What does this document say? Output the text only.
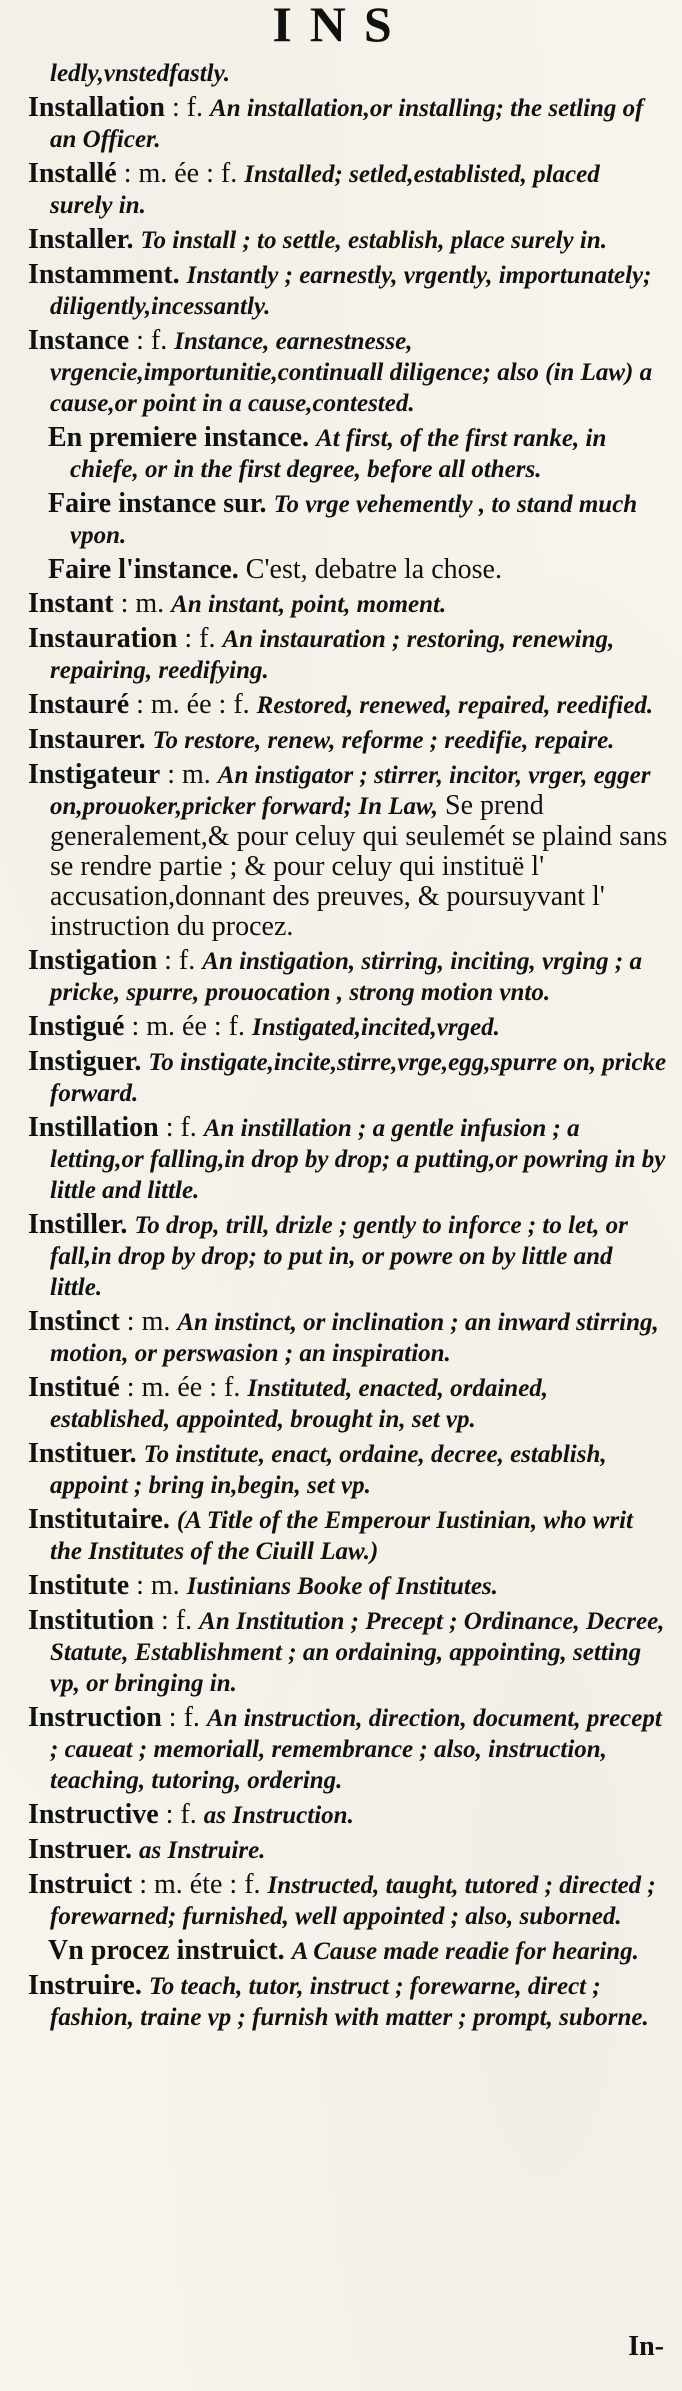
INS

ledly,vnstedfastly.

Installation : f. An installation,or installing; the setling of an Officer.

Installé : m. ée : f. Installed; setled,establisted, placed surely in.

Installer. To install ; to settle, establish, place surely in.

Instamment. Instantly ; earnestly, vrgently, importunately; diligently,incessantly.

Instance : f. Instance, earnestnesse, vrgencie,importunitie,continuall diligence; also (in Law) a cause,or point in a cause,contested.

En premiere instance. At first, of the first ranke, in chiefe, or in the first degree, before all others.

Faire instance sur. To vrge vehemently , to stand much vpon.

Faire l'instance. C'est, debatre la chose.

Instant : m. An instant, point, moment.

Instauration : f. An instauration ; restoring, renewing, repairing, reedifying.

Instauré : m. ée : f. Restored, renewed, repaired, reedified.

Instaurer. To restore, renew, reforme ; reedifie, repaire.

Instigateur : m. An instigator ; stirrer, incitor, vrger, egger on,prouoker,pricker forward; In Law, Se prend generalement,& pour celuy qui seulemét se plaind sans se rendre partie ; & pour celuy qui instituë l' accusation,donnant des preuves, & poursuyvant l' instruction du procez.

Instigation : f. An instigation, stirring, inciting, vrging ; a pricke, spurre, prouocation , strong motion vnto.

Instigué : m. ée : f. Instigated,incited,vrged.

Instiguer. To instigate,incite,stirre,vrge,egg,spurre on, pricke forward.

Instillation : f. An instillation ; a gentle infusion ; a letting,or falling,in drop by drop; a putting,or powring in by little and little.

Instiller. To drop, trill, drizle ; gently to inforce ; to let, or fall,in drop by drop; to put in, or powre on by little and little.

Instinct : m. An instinct, or inclination ; an inward stirring, motion, or perswasion ; an inspiration.

Institué : m. ée : f. Instituted, enacted, ordained, established, appointed, brought in, set vp.

Instituer. To institute, enact, ordaine, decree, establish, appoint ; bring in,begin, set vp.

Institutaire. (A Title of the Emperour Iustinian, who writ the Institutes of the Ciuill Law.)

Institute : m. Iustinians Booke of Institutes.

Institution : f. An Institution ; Precept ; Ordinance, Decree, Statute, Establishment ; an ordaining, appointing, setting vp, or bringing in.

Instruction : f. An instruction, direction, document, precept ; caueat ; memoriall, remembrance ; also, instruction, teaching, tutoring, ordering.

Instructive : f. as Instruction.

Instruer. as Instruire.

Instruict : m. éte : f. Instructed, taught, tutored ; directed ; forewarned; furnished, well appointed ; also, suborned.

Vn procez instruict. A Cause made readie for hearing.

Instruire. To teach, tutor, instruct ; forewarne, direct ; fashion, traine vp ; furnish with matter ; prompt, suborne.

In-
